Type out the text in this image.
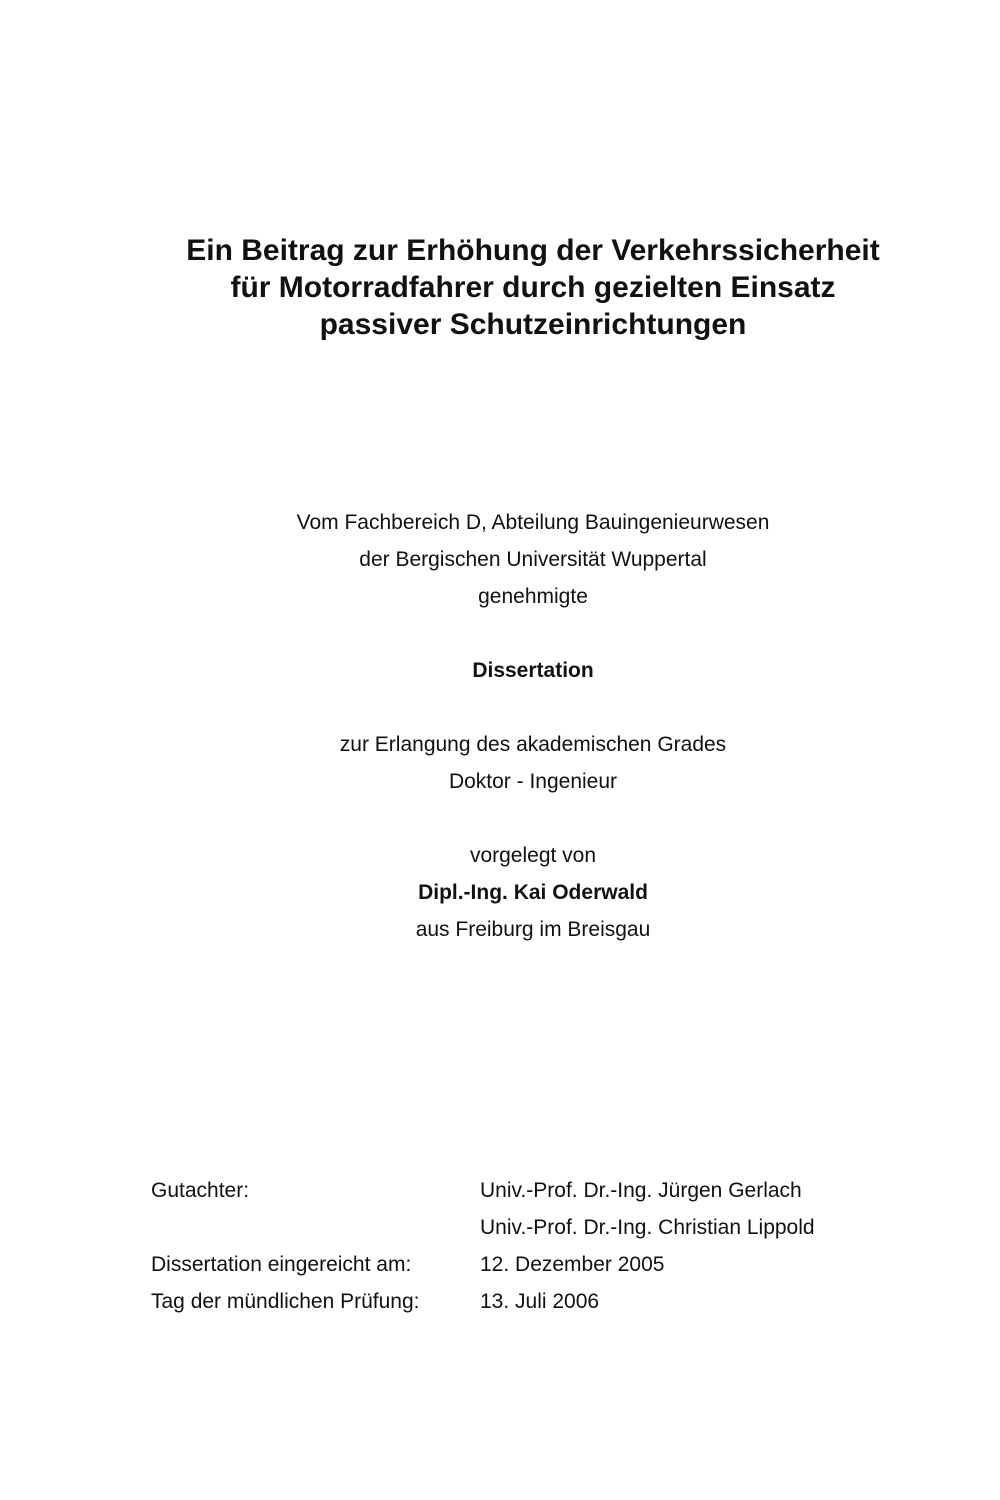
Ein Beitrag zur Erhöhung der Verkehrssicherheit
für Motorradfahrer durch gezielten Einsatz
passiver Schutzeinrichtungen
Vom Fachbereich D, Abteilung Bauingenieurwesen
der Bergischen Universität Wuppertal
genehmigte
Dissertation
zur Erlangung des akademischen Grades
Doktor - Ingenieur
vorgelegt von
Dipl.-Ing. Kai Oderwald
aus Freiburg im Breisgau
Gutachter:	Univ.-Prof. Dr.-Ing. Jürgen Gerlach
Univ.-Prof. Dr.-Ing. Christian Lippold
Dissertation eingereicht am:	12. Dezember 2005
Tag der mündlichen Prüfung:	13. Juli 2006
